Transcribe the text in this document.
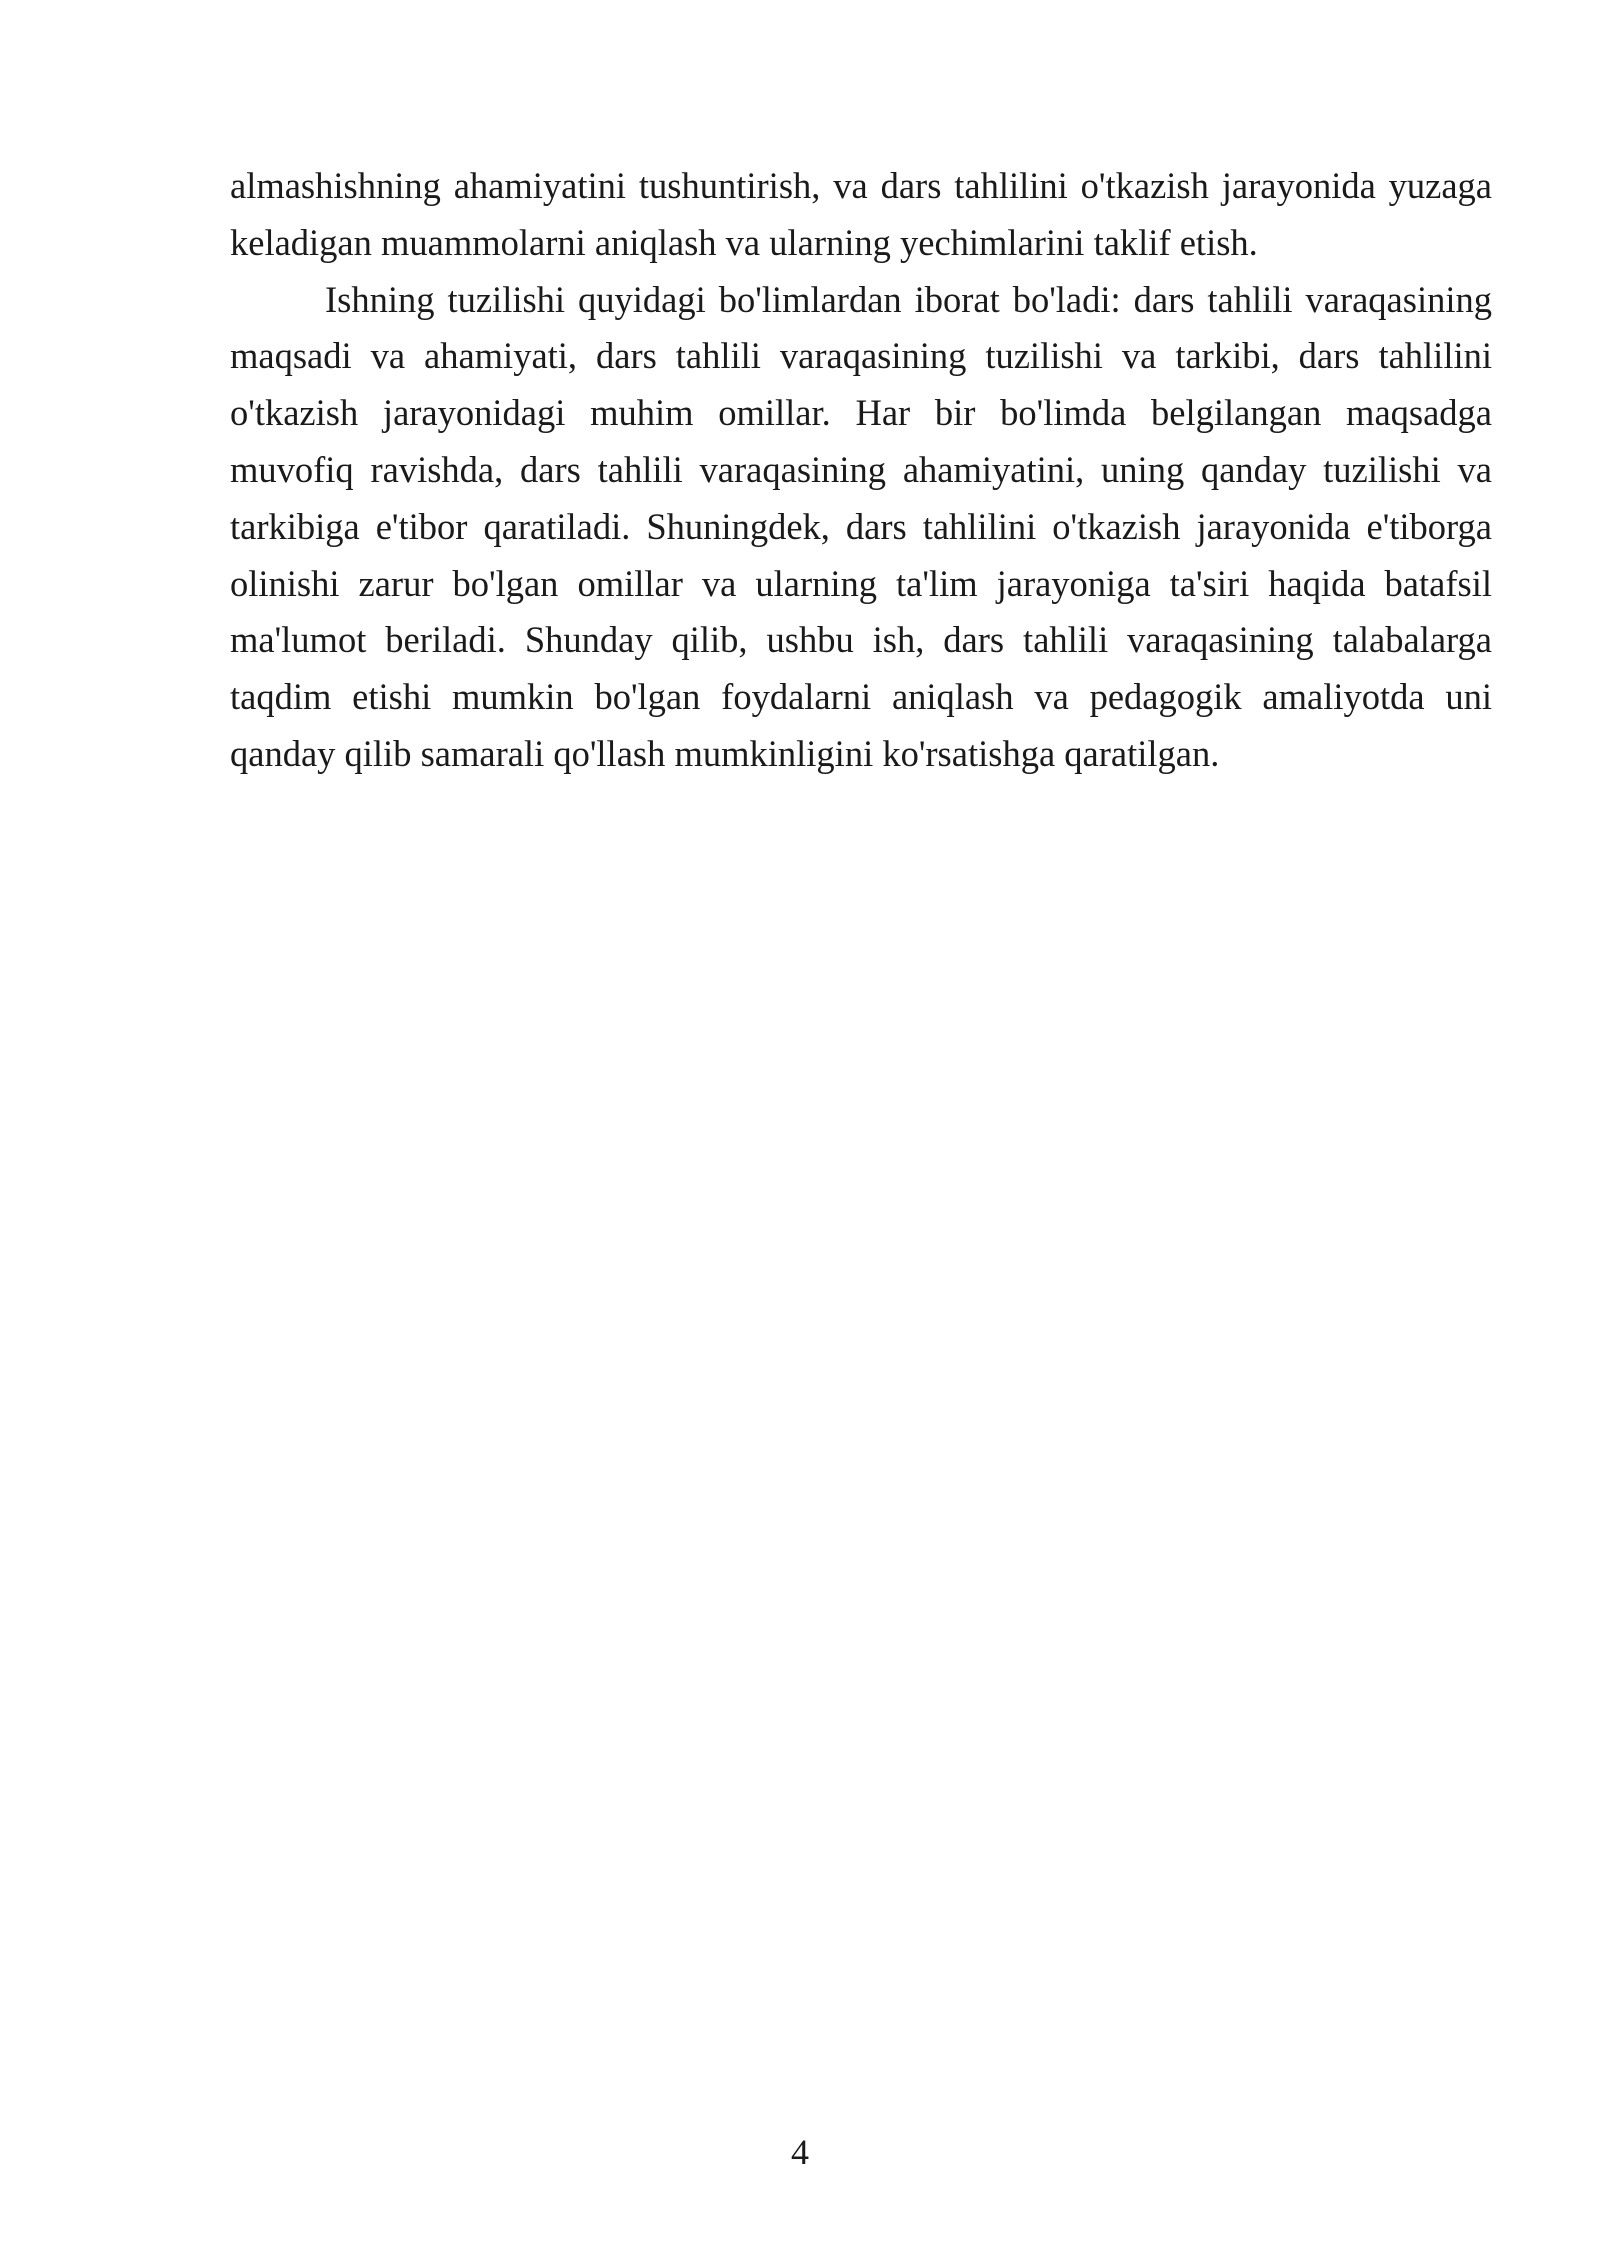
almashishning ahamiyatini tushuntirish, va dars tahlilini o'tkazish jarayonida yuzaga keladigan muammolarni aniqlash va ularning yechimlarini taklif etish.

Ishning tuzilishi quyidagi bo'limlardan iborat bo'ladi: dars tahlili varaqasining maqsadi va ahamiyati, dars tahlili varaqasining tuzilishi va tarkibi, dars tahlilini o'tkazish jarayonidagi muhim omillar. Har bir bo'limda belgilangan maqsadga muvofiq ravishda, dars tahlili varaqasining ahamiyatini, uning qanday tuzilishi va tarkibiga e'tibor qaratiladi. Shuningdek, dars tahlilini o'tkazish jarayonida e'tiborga olinishi zarur bo'lgan omillar va ularning ta'lim jarayoniga ta'siri haqida batafsil ma'lumot beriladi. Shunday qilib, ushbu ish, dars tahlili varaqasining talabalarga taqdim etishi mumkin bo'lgan foydalarni aniqlash va pedagogik amaliyotda uni qanday qilib samarali qo'llash mumkinligini ko'rsatishga qaratilgan.

4
